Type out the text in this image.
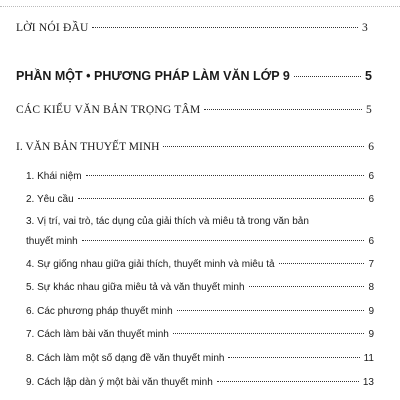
LỜI NÓI ĐẦU	3
PHẦN MỘT • PHƯƠNG PHÁP LÀM VĂN LỚP 9	5
CÁC KIỂU VĂN BẢN TRỌNG TÂM	5
I. VĂN BẢN THUYẾT MINH	6
1. Khái niệm	6
2. Yêu cầu	6
3. Vị trí, vai trò, tác dụng của giải thích và miêu tả trong văn bản
thuyết minh	6
4. Sự giống nhau giữa giải thích, thuyết minh và miêu tả	7
5. Sự khác nhau giữa miêu tả và văn thuyết minh	8
6. Các phương pháp thuyết minh	9
7. Cách làm bài văn thuyết minh	9
8. Cách làm một số dạng đề văn thuyết minh	11
9. Cách lập dàn ý một bài văn thuyết minh	13
